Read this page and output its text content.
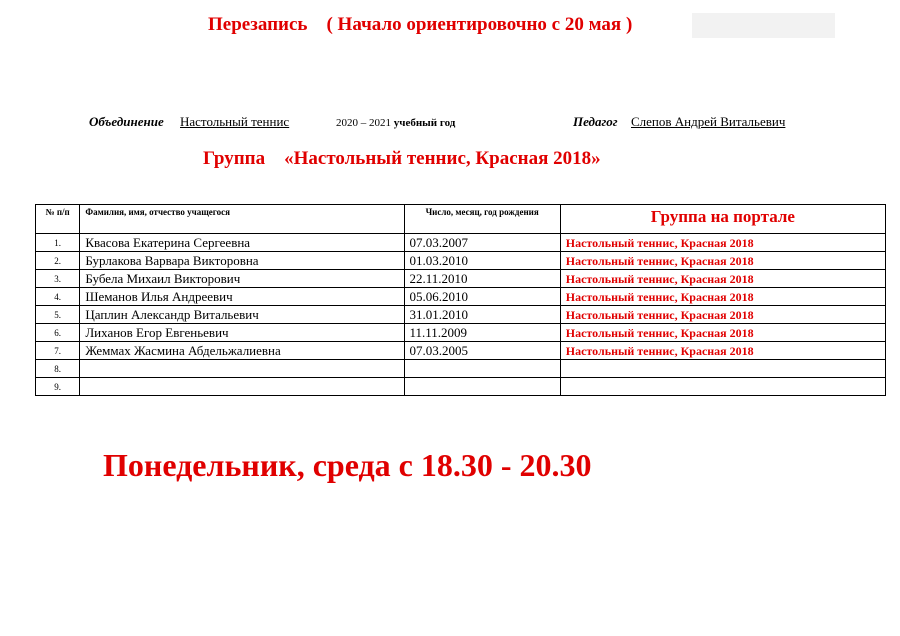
Перезапись    ( Начало ориентировочно с 20 мая )
Объединение Настольный теннис	2020 – 2021 учебный год	Педагог Слепов Андрей Витальевич
Группа    «Настольный теннис, Красная 2018»
№ п/п	Фамилия, имя, отчество учащегося	Число, месяц, год рождения	Группа на портале
1.	Квасова Екатерина Сергеевна	07.03.2007	Настольный теннис, Красная 2018
2.	Бурлакова Варвара Викторовна	01.03.2010	Настольный теннис, Красная 2018
3.	Бубела Михаил Викторович	22.11.2010	Настольный теннис, Красная 2018
4.	Шеманов Илья Андреевич	05.06.2010	Настольный теннис, Красная 2018
5.	Цаплин Александр Витальевич	31.01.2010	Настольный теннис, Красная 2018
6.	Лиханов Егор Евгеньевич	11.11.2009	Настольный теннис, Красная 2018
7.	Жеммах Жасмина Абдельжалиевна	07.03.2005	Настольный теннис, Красная 2018
8.			
9.			
Понедельник, среда с 18.30 - 20.30
